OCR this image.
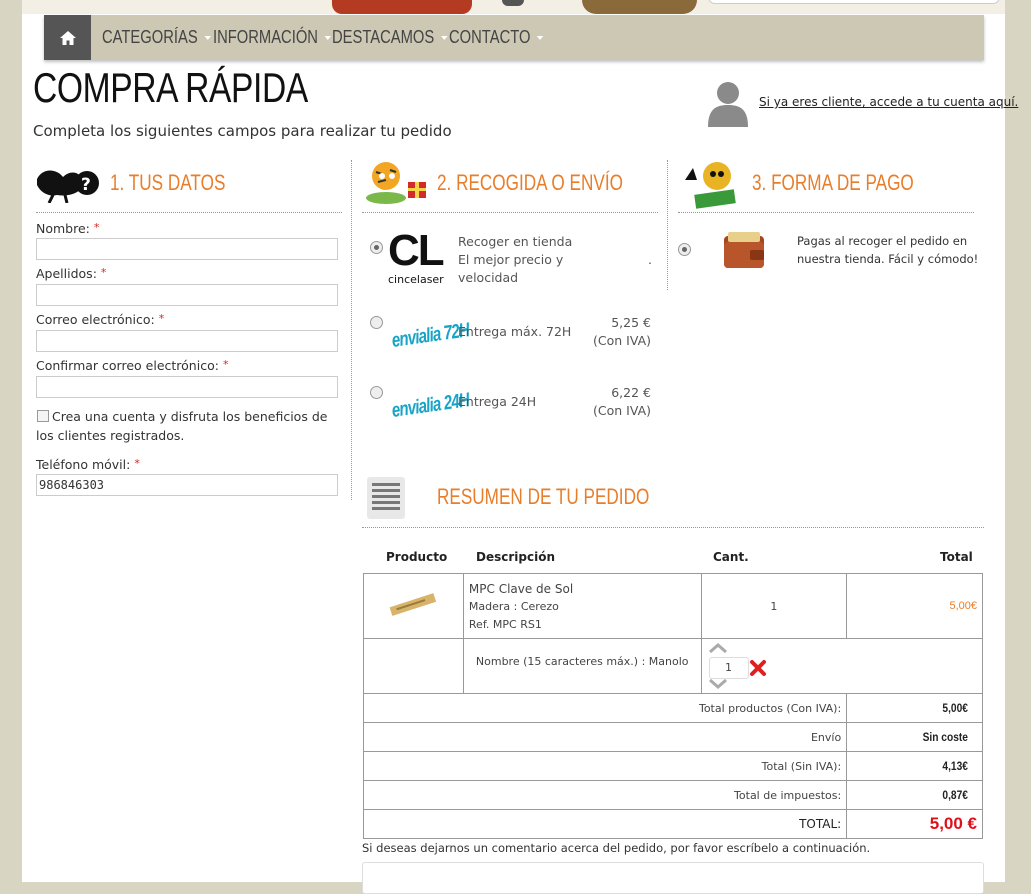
CATEGORÍAS INFORMACIÓN DESTACAMOS CONTACTO
COMPRA RÁPIDA
Completa los siguientes campos para realizar tu pedido
Si ya eres cliente, accede a tu cuenta aquí.
? 1. TUS DATOS
Nombre: *
Apellidos: *
Correo electrónico: *
Confirmar correo electrónico: *
Crea una cuenta y disfruta los beneficios de los clientes registrados.
Teléfono móvil: *
986846303
2. RECOGIDA O ENVÍO
CL
cincelaser
Recoger en tienda
El mejor precio y
velocidad
.
envialia 72H
Entrega máx. 72H
5,25 €
(Con IVA)
envialia 24H
Entrega 24H
6,22 €
(Con IVA)
3. FORMA DE PAGO
Pagas al recoger el pedido en
nuestra tienda. Fácil y cómodo!
RESUMEN DE TU PEDIDO
Producto Descripción	Cant.	Total

MPC Clave de Sol
Madera : Cerezo
Ref. MPC RS1	1	5,00€
	Nombre (15 caracteres máx.) : Manolo	1	

Total productos (Con IVA):			5,00€
Envío			Sin coste
Total (Sin IVA):			4,13€
Total de impuestos:			0,87€
TOTAL:			5,00 €
Si deseas dejarnos un comentario acerca del pedido, por favor escríbelo a continuación.
